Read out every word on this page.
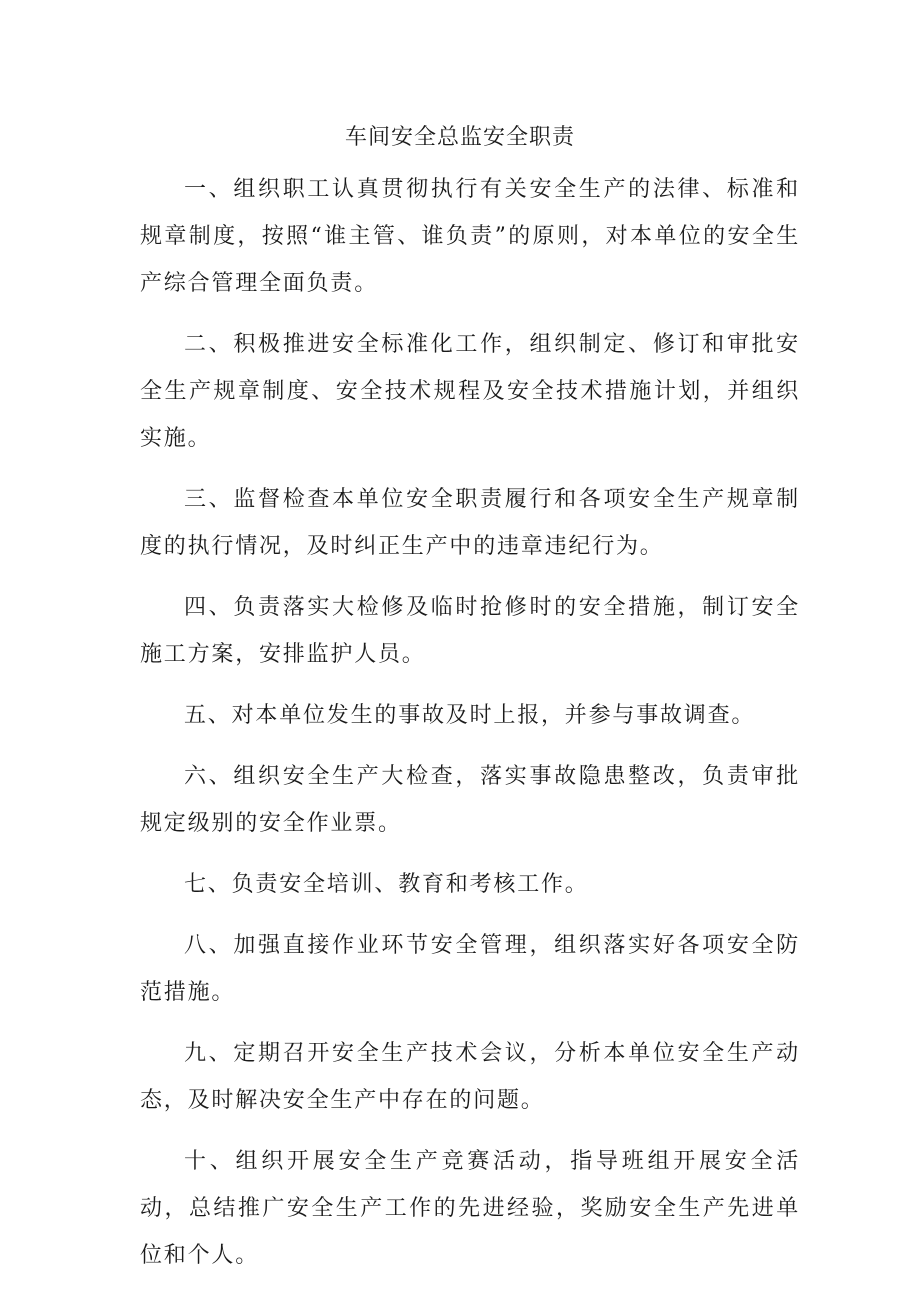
车间安全总监安全职责

一、组织职工认真贯彻执行有关安全生产的法律、标准和规章制度，按照“谁主管、谁负责”的原则，对本单位的安全生产综合管理全面负责。

二、积极推进安全标准化工作，组织制定、修订和审批安全生产规章制度、安全技术规程及安全技术措施计划，并组织实施。

三、监督检查本单位安全职责履行和各项安全生产规章制度的执行情况，及时纠正生产中的违章违纪行为。

四、负责落实大检修及临时抢修时的安全措施，制订安全施工方案，安排监护人员。

五、对本单位发生的事故及时上报，并参与事故调查。

六、组织安全生产大检查，落实事故隐患整改，负责审批规定级别的安全作业票。

七、负责安全培训、教育和考核工作。

八、加强直接作业环节安全管理，组织落实好各项安全防范措施。

九、定期召开安全生产技术会议，分析本单位安全生产动态，及时解决安全生产中存在的问题。

十、组织开展安全生产竞赛活动，指导班组开展安全活动，总结推广安全生产工作的先进经验，奖励安全生产先进单位和个人。
